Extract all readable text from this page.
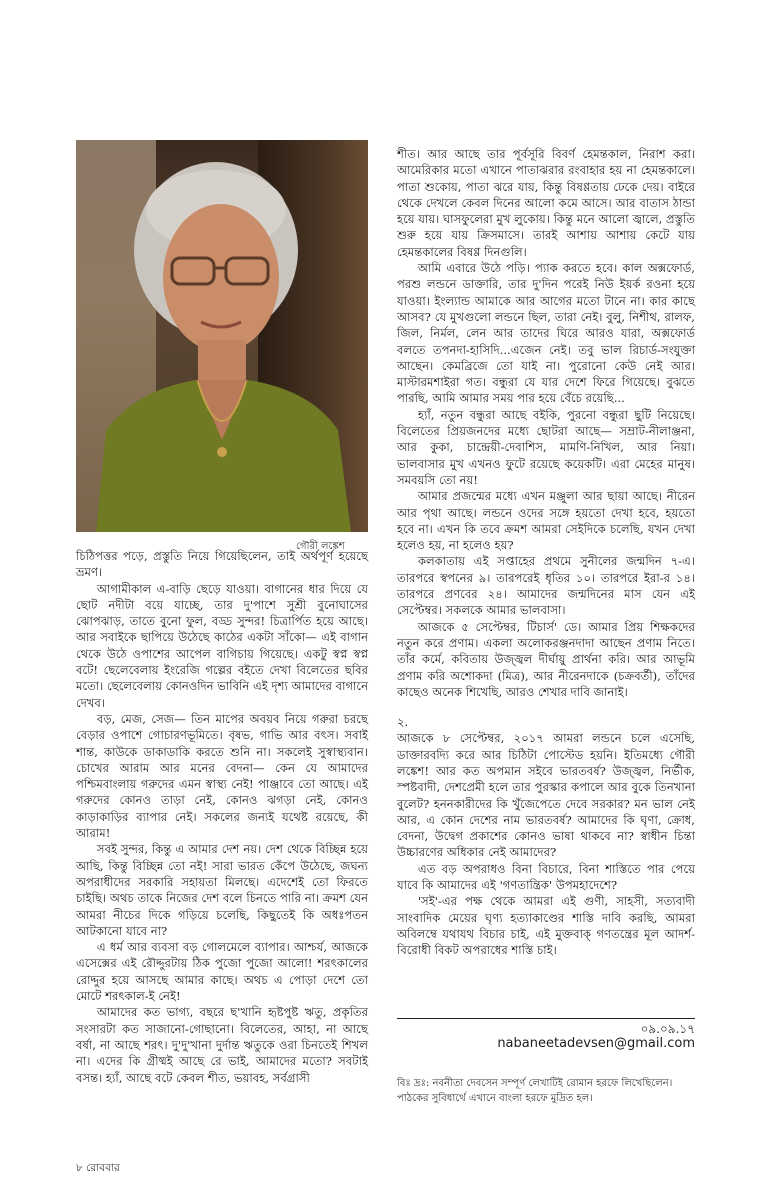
গৌরী লঙ্কেশ

চিঠিপত্তর পড়ে, প্রস্তুতি নিয়ে গিয়েছিলেন, তাই অর্থপূর্ণ হয়েছে ভ্রমণ।

আগামীকাল এ-বাড়ি ছেড়ে যাওয়া। বাগানের ধার দিয়ে যে ছোট নদীটা বয়ে যাচ্ছে, তার দু'পাশে সুশ্রী বুনোঘাসের ঝোপঝাড়, তাতে বুনো ফুল, বড্ড সুন্দর! চিত্রার্পিত হয়ে আছে। আর সবাইকে ছাপিয়ে উঠেছে কাঠের একটা সাঁকো— এই বাগান থেকে উঠে ওপাশের আপেল বাগিচায় গিয়েছে। একটু স্বপ্ন স্বপ্ন বটে! ছেলেবেলায় ইংরেজি গল্পের বইতে দেখা বিলেতের ছবির মতো। ছেলেবেলায় কোনওদিন ভাবিনি এই দৃশ্য আমাদের বাগানে দেখব।

বড়, মেজ, সেজ— তিন মাপের অবয়ব নিয়ে গরুরা চরছে বেড়ার ওপাশে গোচারণভূমিতে। বৃষভ, গাভি আর বৎস। সবাই শান্ত, কাউকে ডাকাডাকি করতে শুনি না। সকলেই সুস্বাস্থ্যবান। চোখের আরাম আর মনের বেদনা— কেন যে আমাদের পশ্চিমবাংলায় গরুদের এমন স্বাস্থ্য নেই! পাঞ্জাবে তো আছে। এই গরুদের কোনও তাড়া নেই, কোনও ঝগড়া নেই, কোনও কাড়াকাড়ির ব্যাপার নেই। সকলের জন্যই যথেষ্ট রয়েছে, কী আরাম!

সবই সুন্দর, কিন্তু এ আমার দেশ নয়। দেশ থেকে বিচ্ছিন্ন হয়ে আছি, কিন্তু বিচ্ছিন্ন তো নই! সারা ভারত কেঁপে উঠেছে, জঘন্য অপরাধীদের সরকারি সহায়তা মিলছে। এদেশেই তো ফিরতে চাইছি। অথচ তাকে নিজের দেশ বলে চিনতে পারি না। ক্রমশ যেন আমরা নীচের দিকে গড়িয়ে চলেছি, কিছুতেই কি অধঃপতন আটকানো যাবে না?

এ ধর্ম আর ব্যবসা বড় গোলমেলে ব্যাপার। আশ্চর্য, আজকে এসেক্সের এই রৌদ্দুরটায় ঠিক পুজো পুজো আলো! শরৎকালের রোদ্দুর হয়ে আসছে আমার কাছে। অথচ এ পোড়া দেশে তো মোটে শরৎকাল-ই নেই!

আমাদের কত ভাগ্য, বছরে ছ'খানি হৃষ্টপুষ্ট ঋতু, প্রকৃতির সংসারটা কত সাজানো-গোছানো। বিলেতের, আহা, না আছে বর্ষা, না আছে শরৎ। দু'দু'খানা দুর্দান্ত ঋতুকে ওরা চিনতেই শিখল না। এদের কি গ্রীষ্মই আছে রে ভাই, আমাদের মতো? সবটাই বসন্ত। হ্যাঁ, আছে বটে কেবল শীত, ভয়াবহ, সর্বগ্রাসী

শীত। আর আছে তার পূর্বসূরি বিবর্ণ হেমন্তকাল, নিরাশ করা। আমেরিকার মতো এখানে পাতাঝরার রংবাহার হয় না হেমন্তকালে। পাতা শুকোয়, পাতা ঝরে যায়, কিন্তু বিষণ্ণতায় ঢেকে দেয়। বাইরে থেকে দেখলে কেবল দিনের আলো কমে আসে। আর বাতাস ঠান্ডা হয়ে যায়। ঘাসফুলেরা মুখ লুকোয়। কিন্তু মনে আলো জ্বালে, প্রস্তুতি শুরু হয়ে যায় ক্রিসমাসে। তারই আশায় আশায় কেটে যায় হেমন্তকালের বিষণ্ণ দিনগুলি।

আমি এবারে উঠে পড়ি। প্যাক করতে হবে। কাল অক্সফোর্ড, পরশু লন্ডনে ডাক্তারি, তার দু'দিন পরেই নিউ ইয়র্ক রওনা হয়ে যাওয়া। ইংল্যান্ড আমাকে আর আগের মতো টানে না। কার কাছে আসব? যে মুখগুলো লন্ডনে ছিল, তারা নেই। বুলু, নিশীথ, রালফ, জিল, নির্মল, লেন আর তাদের ঘিরে আরও যারা, অক্সফোর্ড বলতে তপনদা-হাসিদি...এজেন নেই। তবু ভাল রিচার্ড-সংযুক্তা আছেন। কেমব্রিজে তো যাই না। পুরোনো কেউ নেই আর। মাস্টারমশাইরা গত। বন্ধুরা যে যার দেশে ফিরে গিয়েছে। বুঝতে পারছি, আমি আমার সময় পার হয়ে বেঁচে রয়েছি...

হ্যাঁ, নতুন বন্ধুরা আছে বইকি, পুরনো বন্ধুরা ছুটি নিয়েছে। বিলেতের প্রিয়জনদের মধ্যে ছোটরা আছে— সম্রাট-নীলাঞ্জনা, আর কুকা, চান্দ্রেয়ী-দেবাশিস, মামণি-নিখিল, আর নিয়া। ভালবাসার মুখ এখনও ফুটে রয়েছে কয়েকটি। এরা মেহের মানুষ। সমবয়সি তো নয়!

আমার প্রজন্মের মধ্যে এখন মঞ্জুলা আর ছায়া আছে। নীরেন আর পৃথা আছে। লন্ডনে ওদের সঙ্গে হয়তো দেখা হবে, হয়তো হবে না। এখন কি তবে ক্রমশ আমরা সেইদিকে চলেছি, যখন দেখা হলেও হয়, না হলেও হয়?

কলকাতায় এই সপ্তাহের প্রথমে সুনীলের জন্মদিন ৭-এ। তারপরে স্বপনের ৯। তারপরেই ধৃতির ১০। তারপরে ইরা-র ১৪। তারপরে প্রণবের ২৪। আমাদের জন্মদিনের মাস যেন এই সেপ্টেম্বর। সকলকে আমার ভালবাসা।

আজকে ৫ সেপ্টেম্বর, টিচার্স' ডে। আমার প্রিয় শিক্ষকদের নতুন করে প্রণাম। একলা অলোকরঞ্জনদাদা আছেন প্রণাম নিতে। তাঁর কর্মে, কবিতায় উজ্জ্বল দীর্ঘায়ু প্রার্থনা করি। আর আভূমি প্রণাম করি অশোকদা (মিত্র), আর নীরেনদাকে (চক্রবর্তী), তাঁদের কাছেও অনেক শিখেছি, আরও শেখার দাবি জানাই।

২.

আজকে ৮ সেপ্টেম্বর, ২০১৭ আমরা লন্ডনে চলে এসেছি, ডাক্তারবদ্যি করে আর চিঠিটা পোস্টেড হয়নি। ইতিমধ্যে গৌরী লঙ্কেশ! আর কত অপমান সইবে ভারতবর্ষ? উজ্জ্বল, নির্ভীক, স্পষ্টবাদী, দেশপ্রেমী হলে তার পুরস্কার কপালে আর বুকে তিনখানা বুলেট? হননকারীদের কি খুঁজেপেতে দেবে সরকার? মন ভাল নেই আর, এ কোন দেশের নাম ভারতবর্ষ? আমাদের কি ঘৃণা, ক্রোধ, বেদনা, উদ্বেগ প্রকাশের কোনও ভাষা থাকবে না? স্বাধীন চিন্তা উচ্চারণের অধিকার নেই আমাদের?

এত বড় অপরাধও বিনা বিচারে, বিনা শাস্তিতে পার পেয়ে যাবে কি আমাদের এই 'গণতান্ত্রিক' উপমহাদেশে?

'সই'-এর পক্ষ থেকে আমরা এই গুণী, সাহসী, সত্যবাদী সাংবাদিক মেয়ের ঘৃণ্য হত্যাকাণ্ডের শাস্তি দাবি করছি, আমরা অবিলম্বে যথাযথ বিচার চাই, এই মুক্তবাক্ গণতন্ত্রের মূল আদর্শ-বিরোধী বিকট অপরাধের শাস্তি চাই।

০৯.০৯.১৭
nabaneetadevsen@gmail.com
বিঃ দ্রঃ: নবনীতা দেবসেন সম্পূর্ণ লেখাটিই রোমান হরফে লিখেছিলেন। পাঠকের সুবিধার্থে এখানে বাংলা হরফে মুদ্রিত হল।
৮ রোববার
